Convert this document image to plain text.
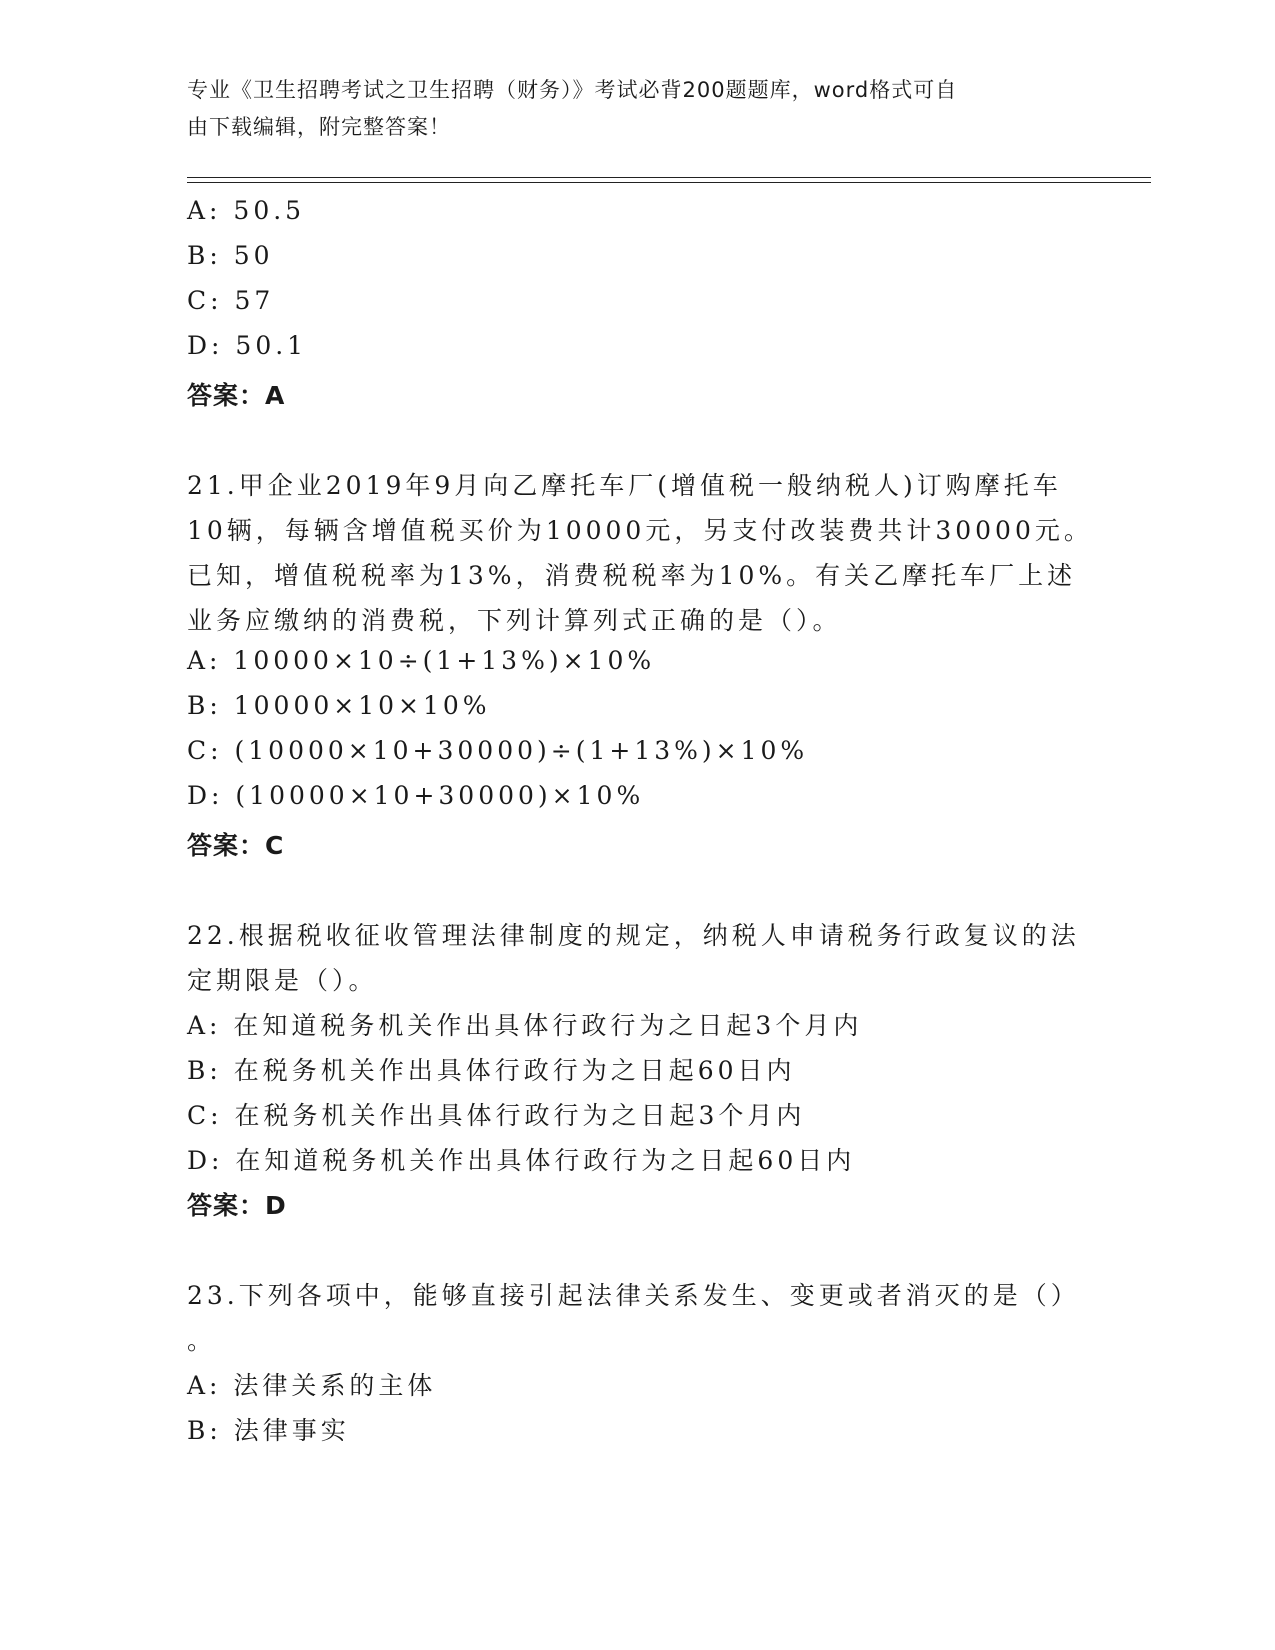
专业《卫生招聘考试之卫生招聘（财务）》考试必背200题题库，word格式可自
由下载编辑，附完整答案！
A: 50.5
B: 50
C: 57
D: 50.1
答案：A
21.甲企业2019年9月向乙摩托车厂(增值税一般纳税人)订购摩托车
10辆，每辆含增值税买价为10000元，另支付改装费共计30000元。
已知，增值税税率为13%，消费税税率为10%。有关乙摩托车厂上述
业务应缴纳的消费税，下列计算列式正确的是（）。
A: 10000×10÷(1+13%)×10%
B: 10000×10×10%
C: (10000×10+30000)÷(1+13%)×10%
D: (10000×10+30000)×10%
答案：C
22.根据税收征收管理法律制度的规定，纳税人申请税务行政复议的法
定期限是（）。
A: 在知道税务机关作出具体行政行为之日起3个月内
B: 在税务机关作出具体行政行为之日起60日内
C: 在税务机关作出具体行政行为之日起3个月内
D: 在知道税务机关作出具体行政行为之日起60日内
答案：D
23.下列各项中，能够直接引起法律关系发生、变更或者消灭的是（）
。
A: 法律关系的主体
B: 法律事实
